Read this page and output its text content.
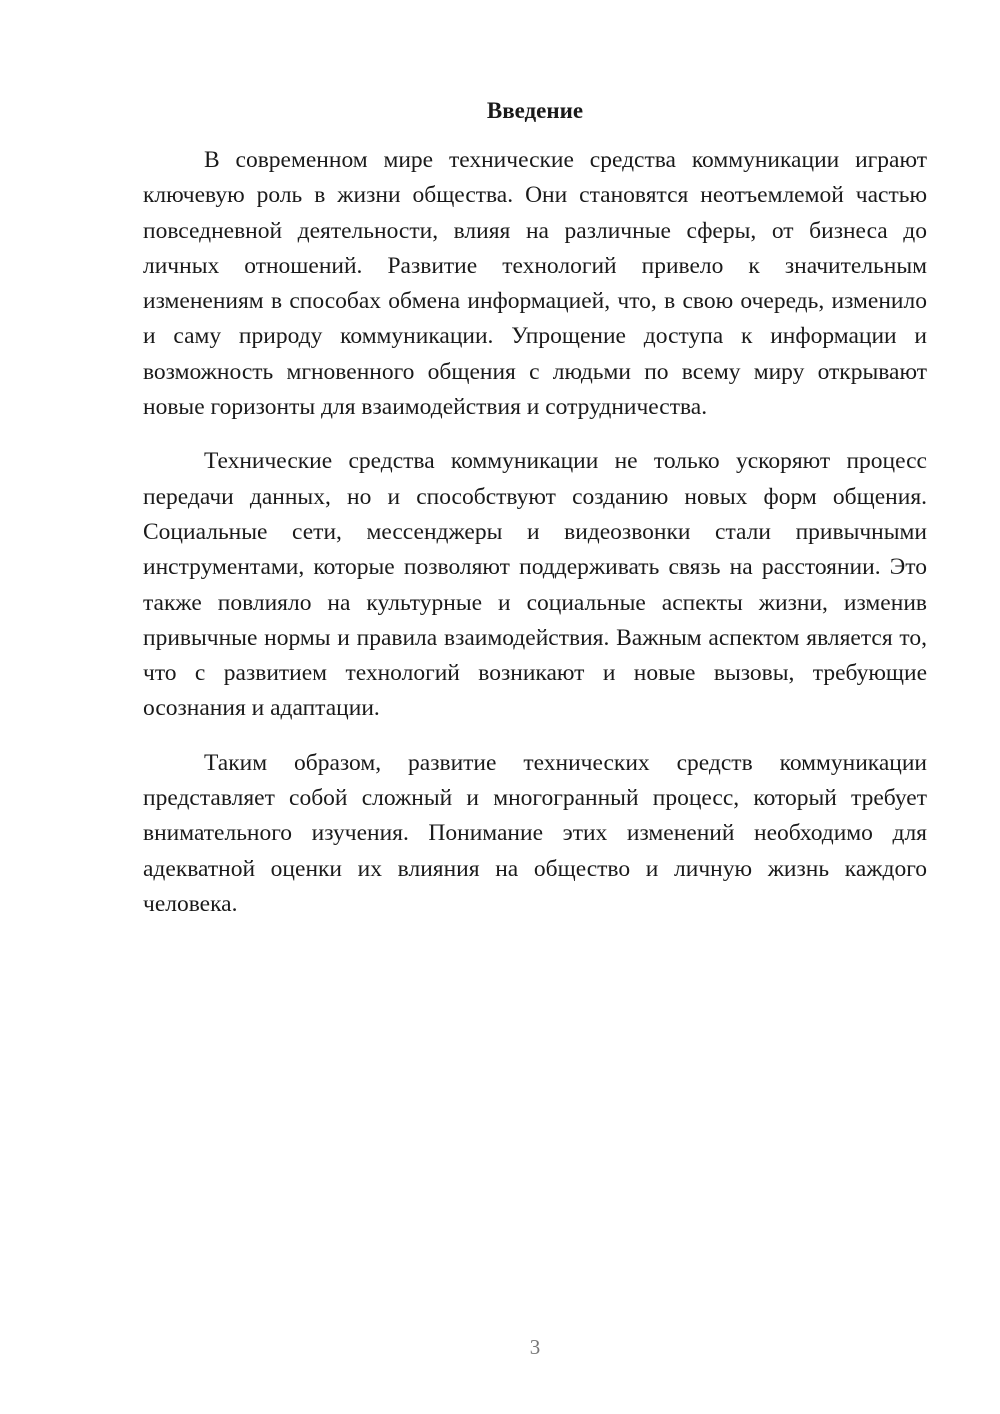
Введение

В современном мире технические средства коммуникации играют ключевую роль в жизни общества. Они становятся неотъемлемой частью повседневной деятельности, влияя на различные сферы, от бизнеса до личных отношений. Развитие технологий привело к значительным изменениям в способах обмена информацией, что, в свою очередь, изменило и саму природу коммуникации. Упрощение доступа к информации и возможность мгновенного общения с людьми по всему миру открывают новые горизонты для взаимодействия и сотрудничества.

Технические средства коммуникации не только ускоряют процесс передачи данных, но и способствуют созданию новых форм общения. Социальные сети, мессенджеры и видеозвонки стали привычными инструментами, которые позволяют поддерживать связь на расстоянии. Это также повлияло на культурные и социальные аспекты жизни, изменив привычные нормы и правила взаимодействия. Важным аспектом является то, что с развитием технологий возникают и новые вызовы, требующие осознания и адаптации.

Таким образом, развитие технических средств коммуникации представляет собой сложный и многогранный процесс, который требует внимательного изучения. Понимание этих изменений необходимо для адекватной оценки их влияния на общество и личную жизнь каждого человека.

3
